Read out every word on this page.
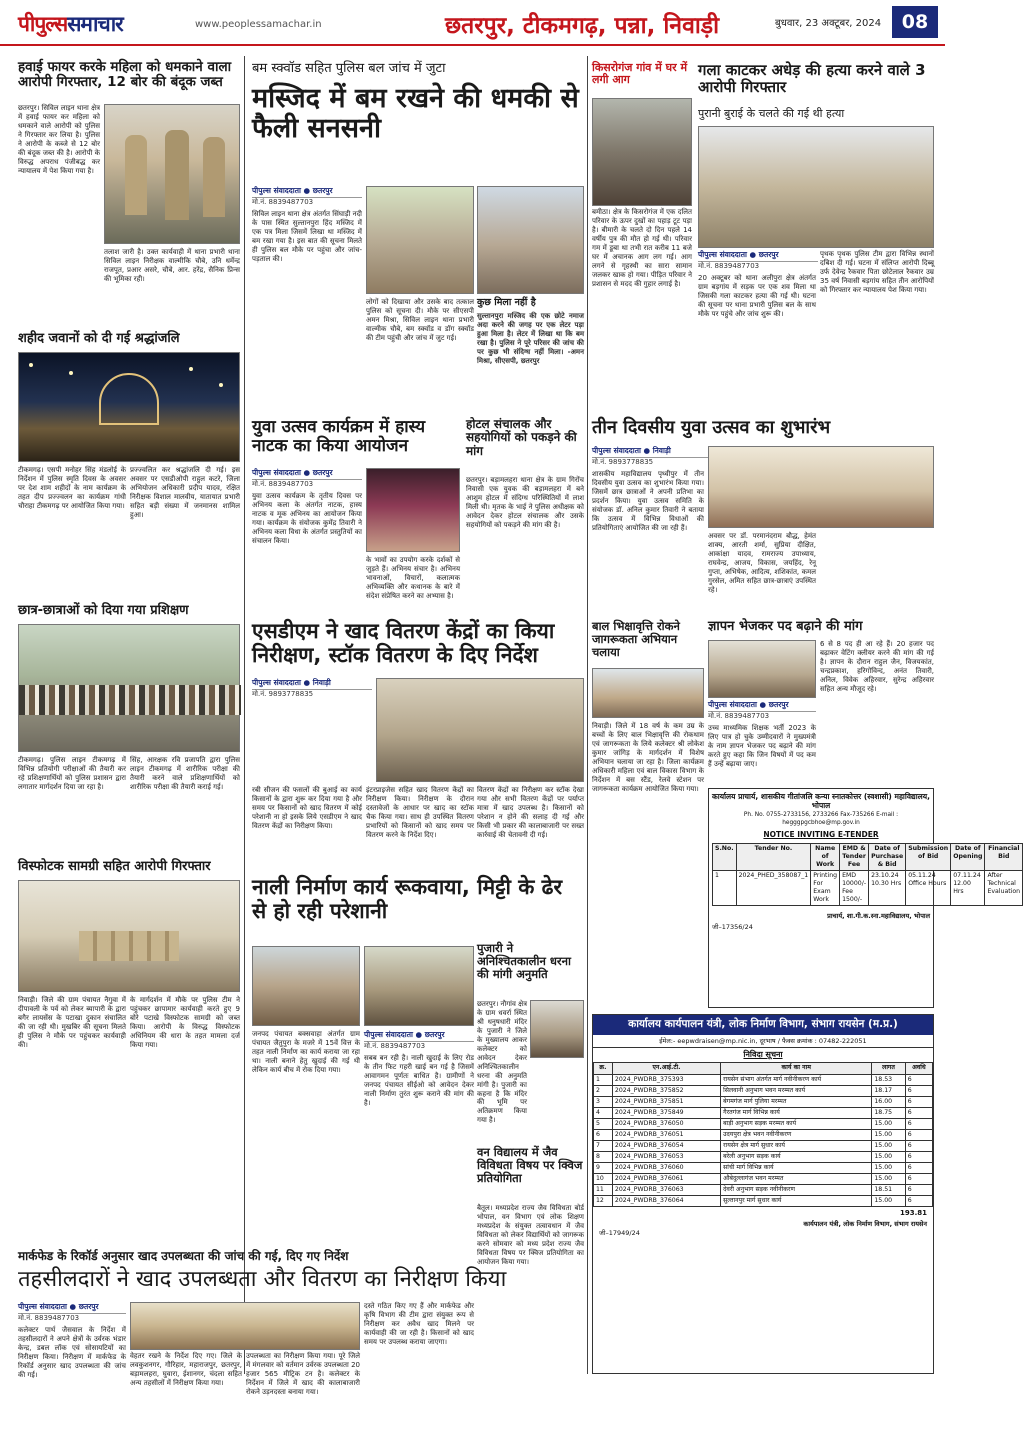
पीपुल्ससमाचार	www.peoplessamachar.in	छतरपुर, टीकमगढ़, पन्ना, निवाड़ी	बुधवार, 23 अक्टूबर, 2024	08
हवाई फायर करके महिला को धमकाने वाला आरोपी गिरफ्तार, 12 बोर की बंदूक जब्त
छतरपुर। सिविल लाइन थाना क्षेत्र में हवाई फायर कर महिला को धमकाने वाले आरोपी को पुलिस ने गिरफ्तार कर लिया है। पुलिस ने आरोपी के कब्जे से 12 बोर की बंदूक जब्त की है। आरोपी के विरुद्ध अपराध पंजीबद्ध कर न्यायालय में पेश किया गया है।
तलाश जारी है। उक्त कार्यवाही में थाना प्रभारी थाना सिविल लाइन निरीक्षक वाल्मीकि चौबे, उनि धर्मेन्द्र राजपूत, प्रआर असरे, चौबे, आर. हरेंद्र, सैनिक प्रिन्स की भूमिका रही।
शहीद जवानों को दी गई श्रद्धांजलि
टीकमगढ़। एसपी मनोहर सिंह मंडलोई के निर्देशन में पुलिस स्मृति दिवस के अवसर पर देश शाम शहीदों के नाम कार्यक्रम के तहत दीप प्रज्ज्वलन का कार्यक्रम गांधी चौराहा टीकमगढ़ पर आयोजित किया गया।
प्रज्ज्वलित कर श्रद्धांजलि दी गई। इस अवसर पर एसडीओपी राहुल कटरे, जिला अभियोजन अधिकारी प्रदीप यादव, रक्षित निरीक्षक विशाल मालवीय, यातायात प्रभारी सहित बड़ी संख्या में जनमानस शामिल हुआ।
छात्र-छात्राओं को दिया गया प्रशिक्षण
टीकमगढ़। पुलिस लाइन टीकमगढ़ में विभिन्न प्रतियोगी परीक्षाओं की तैयारी कर रहे प्रशिक्षणार्थियों को पुलिस प्रशासन द्वारा लगातार मार्गदर्शन दिया जा रहा है।
सिंह, आरक्षक रवि प्रजापति द्वारा पुलिस लाइन टीकमगढ़ में शारीरिक परीक्षा की तैयारी करने वाले प्रशिक्षणार्थियों को शारीरिक परीक्षा की तैयारी कराई गई।
विस्फोटक सामग्री सहित आरोपी गिरफ्तार
निवाड़ी। जिले की ग्राम पंचायत नैगुवा में दीपावली के पर्व को लेकर ब्यापारी के द्वारा बगैर लायसेंस के पटाखा दुकान संचालित की जा रही थी। मुखबिर की सूचना मिलते ही पुलिस ने मौके पर पहुंचकर कार्यवाही की।
के मार्गदर्शन में मौके पर पुलिस टीम ने पहुंचकर छापामार कार्यवाही करते हुए 9 बोरे पटाखे विस्फोटक सामग्री को जब्त किया। आरोपी के विरुद्ध विस्फोटक अधिनियम की धारा के तहत मामला दर्ज किया गया।
बम स्क्वॉड सहित पुलिस बल जांच में जुटा
मस्जिद में बम रखने की धमकी से फैली सनसनी
पीपुल्स संवाददाता ● छतरपुर
मो.नं. 8839487703
सिविल लाइन थाना क्षेत्र अंतर्गत सिंघाड़ी नदी के पास स्थित सुल्तानपुरा हिंद मस्जिद में एक पत्र मिला जिसमें लिखा था मस्जिद में बम रखा गया है। इस बात की सूचना मिलते ही पुलिस बल मौके पर पहुंचा और जांच-पड़ताल की।
लोगों को दिखाया और उसके बाद तत्काल पुलिस को सूचना दी। मौके पर सीएसपी अमन मिश्रा, सिविल लाइन थाना प्रभारी वाल्मीक चौबे, बम स्क्वॉड व डॉग स्क्वॉड की टीम पहुंची और जांच में जुट गई।
कुछ मिला नहीं है
सुल्तानपुरा मस्जिद की एक छोटे नमाज अदा करने की जगह पर एक लेटर पड़ा हुआ मिला है। लेटर में लिखा था कि बम रखा है। पुलिस ने पूरे परिसर की जांच की पर कुछ भी संदिग्ध नहीं मिला। -अमन मिश्रा, सीएसपी, छतरपुर
किसरोगंज गांव में घर में लगी आग
बमीठा। क्षेत्र के किसरोगंज में एक दलित परिवार के ऊपर दुखों का पहाड़ टूट पड़ा है। बीमारी के चलते दो दिन पहले 14 वर्षीय पुत्र की मौत हो गई थी। परिवार गम में डूबा था तभी रात करीब 11 बजे घर में अचानक आग लग गई। आग लगने से गृहस्थी का सारा सामान जलकर खाक हो गया। पीड़ित परिवार ने प्रशासन से मदद की गुहार लगाई है।
गला काटकर अधेड़ की हत्या करने वाले 3 आरोपी गिरफ्तार
पुरानी बुराई के चलते की गई थी हत्या
पीपुल्स संवाददाता ● छतरपुर
मो.नं. 8839487703
20 अक्टूबर को थाना अलीपुरा क्षेत्र अंतर्गत ग्राम बड़गांय में सड़क पर एक शव मिला था जिसकी गला काटकर हत्या की गई थी। घटना की सूचना पर थाना प्रभारी पुलिस बल के साथ मौके पर पहुंचे और जांच शुरू की।
पृथक पृथक पुलिस टीम द्वारा विभिन्न स्थानों दबिश दी गई। घटना में संलिप्त आरोपी दिब्बू उर्फ देवेन्द्र रैकवार पिता छोटेलाल रैकवार उम्र 35 वर्ष निवासी बड़गांय सहित तीन आरोपियों को गिरफ्तार कर न्यायालय पेश किया गया।
युवा उत्सव कार्यक्रम में हास्य नाटक का किया आयोजन
पीपुल्स संवाददाता ● छतरपुर
मो.नं. 8839487703
युवा उत्सव कार्यक्रम के तृतीय दिवस पर अभिनय कला के अंतर्गत नाटक, हास्य नाटक व मूक अभिनय का आयोजन किया गया। कार्यक्रम के संयोजक कुमेंद्र तिवारी ने अभिनय कला विधा के अंतर्गत प्रस्तुतियों का संचालन किया।
के भावों का उपयोग करके दर्शकों से जुड़ते हैं। अभिनय संचार है। अभिनय भावनाओं, विचारों, कलात्मक अभिव्यक्ति और कथानक के बारे में संदेश संप्रेषित करने का अभ्यास है।
होटल संचालक और सहयोगियों को पकड़ने की मांग
छतरपुर। बड़ामलहरा थाना क्षेत्र के ग्राम गिरोंच निवासी एक युवक की बड़ामलहरा में बने आशुम होटल में संदिग्ध परिस्थितियों में लाश मिली थी। मृतक के भाई ने पुलिस अधीक्षक को आवेदन देकर होटल संचालक और उसके सहयोगियों को पकड़ने की मांग की है।
तीन दिवसीय युवा उत्सव का शुभारंभ
पीपुल्स संवाददाता ● निवाड़ी
मो.नं. 9893778835
शासकीय महाविद्यालय पृथ्वीपुर में तीन दिवसीय युवा उत्सव का शुभारंभ किया गया। जिसमें छात्र छात्राओं ने अपनी प्रतिभा का प्रदर्शन किया। युवा उत्सव समिति के संयोजक डॉ. अनिल कुमार तिवारी ने बताया कि उत्सव में विभिन्न विधाओं की प्रतियोगिताएं आयोजित की जा रही हैं।
अवसर पर डॉ. परमानंदराम बौद्ध, हेमंत शाक्य, आरती शर्मा, सुप्रिया दीक्षित, आकांक्षा यादव, रामराज्य उपाध्याय, राघवेन्द्र, आजय, विकास, जयहिंद, रेनू गुप्ता, अभिषेक, आदित्य, शशिकांत, कमल गुरसेल, अमित सहित छात्र-छात्राएं उपस्थित रहे।
एसडीएम ने खाद वितरण केंद्रों का किया निरीक्षण, स्टॉक वितरण के दिए निर्देश
पीपुल्स संवाददाता ● निवाड़ी
मो.नं. 9893778835
रबी सीजन की फसलों की बुआई का कार्य किसानों के द्वारा शुरू कर दिया गया है और समय पर किसानों को खाद वितरण में कोई परेशानी ना हो इसके लिये एसडीएम ने खाद वितरण केंद्रों का निरीक्षण किया।
इंटरप्राइजेस सहित खाद वितरण केंद्रों का निरीक्षण किया। निरीक्षण के दौरान दस्तावेजों के आधार पर खाद का स्टॉक चैक किया गया। साथ ही उपस्थित वितरण प्रभारियों को किसानों को खाद समय पर वितरण करने के निर्देश दिए।
वितरण केंद्रों का निरीक्षण कर स्टॉक देखा गया और सभी वितरण केंद्रों पर पर्याप्त मात्रा में खाद उपलब्ध है। किसानों को परेशान न होने की सलाह दी गई और किसी भी प्रकार की कालाबाजारी पर सख्त कार्रवाई की चेतावनी दी गई।
बाल भिक्षावृत्ति रोकने जागरूकता अभियान चलाया
निवाड़ी। जिले में 18 वर्ष के कम उम्र के बच्चों के लिए बाल भिक्षावृत्ति की रोकथाम एवं जागरूकता के लिये कलेक्टर श्री लोकेश कुमार जांगिड़ के मार्गदर्शन में विशेष अभियान चलाया जा रहा है। जिला कार्यक्रम अधिकारी महिला एवं बाल विकास विभाग के निर्देशन में बस स्टैंड, रेलवे स्टेशन पर जागरूकता कार्यक्रम आयोजित किया गया।
ज्ञापन भेजकर पद बढ़ाने की मांग
पीपुल्स संवाददाता ● छतरपुर
मो.नं. 8839487703
उच्च माध्यमिक शिक्षक भर्ती 2023 के लिए पात्र हो चुके उम्मीदवारों ने मुख्यमंत्री के नाम ज्ञापन भेजकर पद बढ़ाने की मांग करते हुए कहा कि जिन विषयों में पद कम हैं उन्हें बढ़ाया जाए।
6 से 8 पद ही आ रहे हैं। 20 हजार पद बढ़ाकर वेटिंग क्लीयर करने की मांग की गई है। ज्ञापन के दौरान राहुल जैन, विजयकांत, चन्द्रप्रकाश, हरिगोविन्द, अनंत तिवारी, अनिल, विवेक अहिरवार, सुरेन्द्र अहिरवार सहित अन्य मौजूद रहे।
कार्यालय प्राचार्य, शासकीय गीतांजलि कन्या स्नातकोत्तर (स्वशासी) महाविद्यालय, भोपाल
Ph. No. 0755-2733156, 2733266 Fax-735266 E-mail : hegggpgcbhoe@mp.gov.in
NOTICE INVITING E-TENDER
S.No.	Tender No.	Name of Work	EMD & Tender Fee	Date of Purchase & Bid	Submission of Bid	Date of Opening	Financial Bid
1	2024_PHED_358087_1	Printing For Exam Work	EMD 10000/- Fee 1500/-	23.10.24 10.30 Hrs	05.11.24 Office Hours	07.11.24 12.00 Hrs	After Technical Evaluation
प्राचार्य, शा.गी.क.स्ना.महाविद्यालय, भोपाल
जी–17356/24
नाली निर्माण कार्य रूकवाया, मिट्टी के ढेर से हो रही परेशानी
पीपुल्स संवाददाता ● छतरपुर
मो.नं. 8839487703
जनपद पंचायत बक्सवाहा अंतर्गत ग्राम पंचायत जैतुपुरा के मजरे में 15वें वित्त के तहत नाली निर्माण का कार्य कराया जा रहा था। नाली बनाने हेतु खुदाई की गई थी लेकिन कार्य बीच में रोक दिया गया।
सबब बन रही है। नाली खुदाई के लिए रोड के तीन फिट गहरी खाई बन गई है जिसमें आवागमन पूर्णतः बाधित है। ग्रामीणों ने जनपद पंचायत सीईओ को आवेदन देकर नाली निर्माण तुरंत शुरू कराने की मांग की है।
पुजारी ने अनिश्चितकालीन धरना की मांगी अनुमति
छतरपुर। नौगांव क्षेत्र के ग्राम धवर्रा स्थित श्री धनुषधारी मंदिर के पुजारी ने जिले के मुख्यालय आकर कलेक्टर को आवेदन देकर अनिश्चितकालीन धरना की अनुमति मांगी है। पुजारी का कहना है कि मंदिर की भूमि पर अतिक्रमण किया गया है।
कार्यालय कार्यपालन यंत्री, लोक निर्माण विभाग, संभाग रायसेन (म.प्र.)
ईमेल:- eepwdraisen@mp.nic.in, दूरभाष / फैक्स क्रमांक : 07482-222051
निविदा सूचना
क्र.	एन.आई.टी.	कार्य का नाम	लागत	अवधि
1	2024_PWDRB_375393	रायसेन संभाग अंतर्गत मार्ग नवीनीकरण कार्य	18.53	6
2	2024_PWDRB_375852	सिलवानी अनुभाग भवन मरम्मत कार्य	18.17	6
3	2024_PWDRB_375851	बेगमगंज मार्ग पुलिया मरम्मत	16.00	6
4	2024_PWDRB_375849	गैरतगंज मार्ग विभिन्न कार्य	18.75	6
5	2024_PWDRB_376050	बाड़ी अनुभाग सड़क मरम्मत कार्य	15.00	6
6	2024_PWDRB_376051	उदयपुरा क्षेत्र भवन नवीनीकरण	15.00	6
7	2024_PWDRB_376054	रायसेन क्षेत्र मार्ग सुधार कार्य	15.00	6
8	2024_PWDRB_376053	बरेली अनुभाग सड़क कार्य	15.00	6
9	2024_PWDRB_376060	सांची मार्ग विभिन्न कार्य	15.00	6
10	2024_PWDRB_376061	औबेदुल्लागंज भवन मरम्मत	15.00	6
11	2024_PWDRB_376063	देवरी अनुभाग सड़क नवीनीकरण	18.51	6
12	2024_PWDRB_376064	सुल्तानपुर मार्ग सुधार कार्य	15.00	6
193.81
कार्यपालन यंत्री, लोक निर्माण विभाग, संभाग रायसेन
जी–17949/24
मार्कफेड के रिकॉर्ड अनुसार खाद उपलब्धता की जांच की गई, दिए गए निर्देश
तहसीलदारों ने खाद उपलब्धता और वितरण का निरीक्षण किया
पीपुल्स संवाददाता ● छतरपुर
मो.नं. 8839487703
कलेक्टर पार्थ जैसवाल के निर्देश में तहसीलदारों ने अपने क्षेत्रों के उर्वरक भंडार केन्द्र, डबल लॉक एवं सोसायटियों का निरीक्षण किया। निरीक्षण में मार्कफेड के रिकॉर्ड अनुसार खाद उपलब्धता की जांच की गई।
वेहतर रखने के निर्देश दिए गए। जिले के लवकुशनगर, गौरिहार, महाराजपुर, छतरपुर, बड़ामलहरा, घुवारा, ईशानगर, चंदला सहित अन्य तहसीलों में निरीक्षण किया गया।
उपलब्धता का निरीक्षण किया गया। पूरे जिले में मंगलवार को वर्तमान उर्वरक उपलब्धता 20 हजार 565 मीट्रिक टन है। कलेक्टर के निर्देशन में जिले में खाद की कालाबाजारी रोकने उड़नदस्ता बनाया गया।
दस्ते गठित किए गए हैं और मार्कफेड और कृषि विभाग की टीम द्वारा संयुक्त रूप से निरीक्षण कर अवैध खाद मिलने पर कार्यवाही की जा रही है। किसानों को खाद समय पर उपलब्ध कराया जाएगा।
वन विद्यालय में जैव विविधता विषय पर क्विज प्रतियोगिता
बैतूल। मध्यप्रदेश राज्य जैव विविधता बोर्ड भोपाल, वन विभाग एवं लोक शिक्षण मध्यप्रदेश के संयुक्त तत्वावधान में जैव विविधता को लेकर विद्यार्थियों को जागरूक करने सोमवार को मध्य प्रदेश राज्य जैव विविधता विषय पर क्विज प्रतियोगिता का आयोजन किया गया।
